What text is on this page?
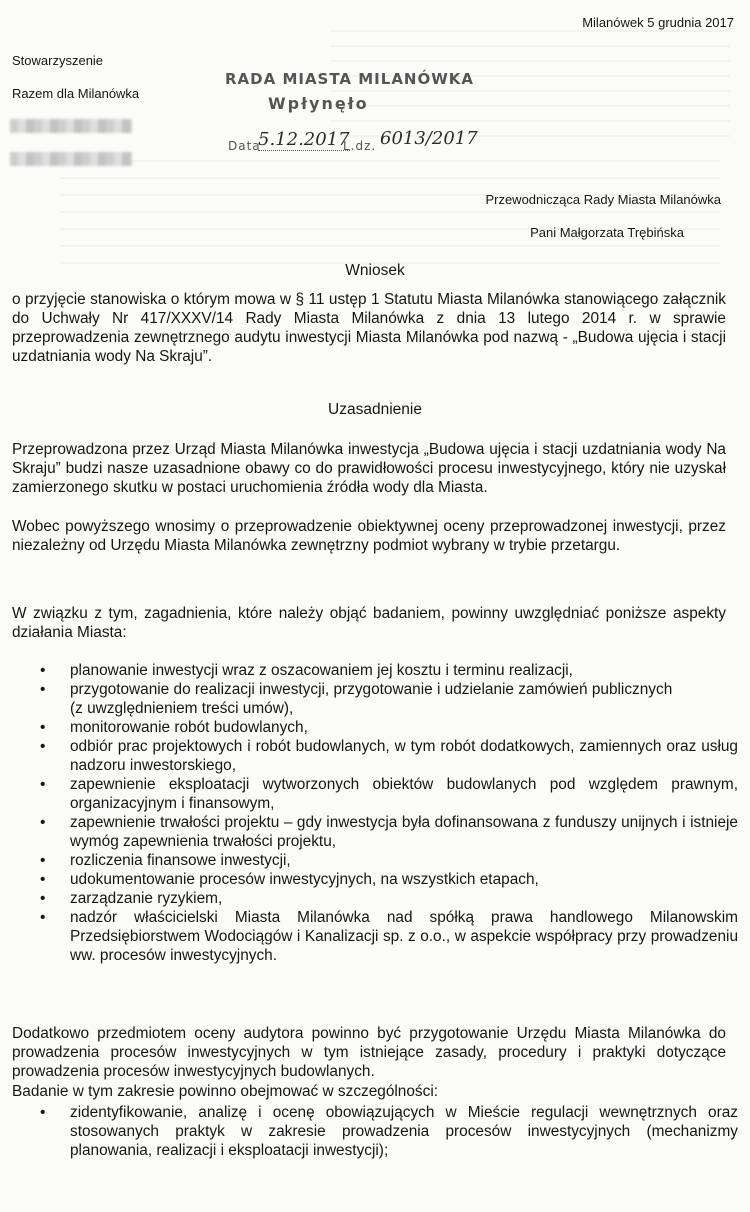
Milanówek 5 grudnia 2017
Stowarzyszenie
Razem dla Milanówka
RADA MIASTA MILANÓWKA
Wpłynęło
Data
5.12.2017
L.dz. 6013/2017
Przewodnicząca Rady Miasta Milanówka
Pani Małgorzata Trębińska
Wniosek
o przyjęcie stanowiska o którym mowa w § 11 ustęp 1 Statutu Miasta Milanówka stanowiącego załącznik do Uchwały Nr 417/XXXV/14 Rady Miasta Milanówka z dnia 13 lutego 2014 r. w sprawie przeprowadzenia zewnętrznego audytu inwestycji Miasta Milanówka pod nazwą - „Budowa ujęcia i stacji uzdatniania wody Na Skraju”.
Uzasadnienie
Przeprowadzona przez Urząd Miasta Milanówka inwestycja „Budowa ujęcia i stacji uzdatniania wody Na Skraju” budzi nasze uzasadnione obawy co do prawidłowości procesu inwestycyjnego, który nie uzyskał zamierzonego skutku w postaci uruchomienia źródła wody dla Miasta.
Wobec powyższego wnosimy o przeprowadzenie obiektywnej oceny przeprowadzonej inwestycji, przez niezależny od Urzędu Miasta Milanówka zewnętrzny podmiot wybrany w trybie przetargu.
W związku z tym, zagadnienia, które należy objąć badaniem, powinny uwzględniać poniższe aspekty działania Miasta:
• planowanie inwestycji wraz z oszacowaniem jej kosztu i terminu realizacji,
• przygotowanie do realizacji inwestycji, przygotowanie i udzielanie zamówień publicznych
(z uwzględnieniem treści umów),
• monitorowanie robót budowlanych,
• odbiór prac projektowych i robót budowlanych, w tym robót dodatkowych, zamiennych oraz usług nadzoru inwestorskiego,
• zapewnienie eksploatacji wytworzonych obiektów budowlanych pod względem prawnym, organizacyjnym i finansowym,
• zapewnienie trwałości projektu – gdy inwestycja była dofinansowana z funduszy unijnych i istnieje wymóg zapewnienia trwałości projektu,
• rozliczenia finansowe inwestycji,
• udokumentowanie procesów inwestycyjnych, na wszystkich etapach,
• zarządzanie ryzykiem,
• nadzór właścicielski Miasta Milanówka nad spółką prawa handlowego Milanowskim Przedsiębiorstwem Wodociągów i Kanalizacji sp. z o.o., w aspekcie współpracy przy prowadzeniu ww. procesów inwestycyjnych.
Dodatkowo przedmiotem oceny audytora powinno być przygotowanie Urzędu Miasta Milanówka do prowadzenia procesów inwestycyjnych w tym istniejące zasady, procedury i praktyki dotyczące prowadzenia procesów inwestycyjnych budowlanych.
Badanie w tym zakresie powinno obejmować w szczególności:
• zidentyfikowanie, analizę i ocenę obowiązujących w Mieście regulacji wewnętrznych oraz stosowanych praktyk w zakresie prowadzenia procesów inwestycyjnych (mechanizmy planowania, realizacji i eksploatacji inwestycji);
